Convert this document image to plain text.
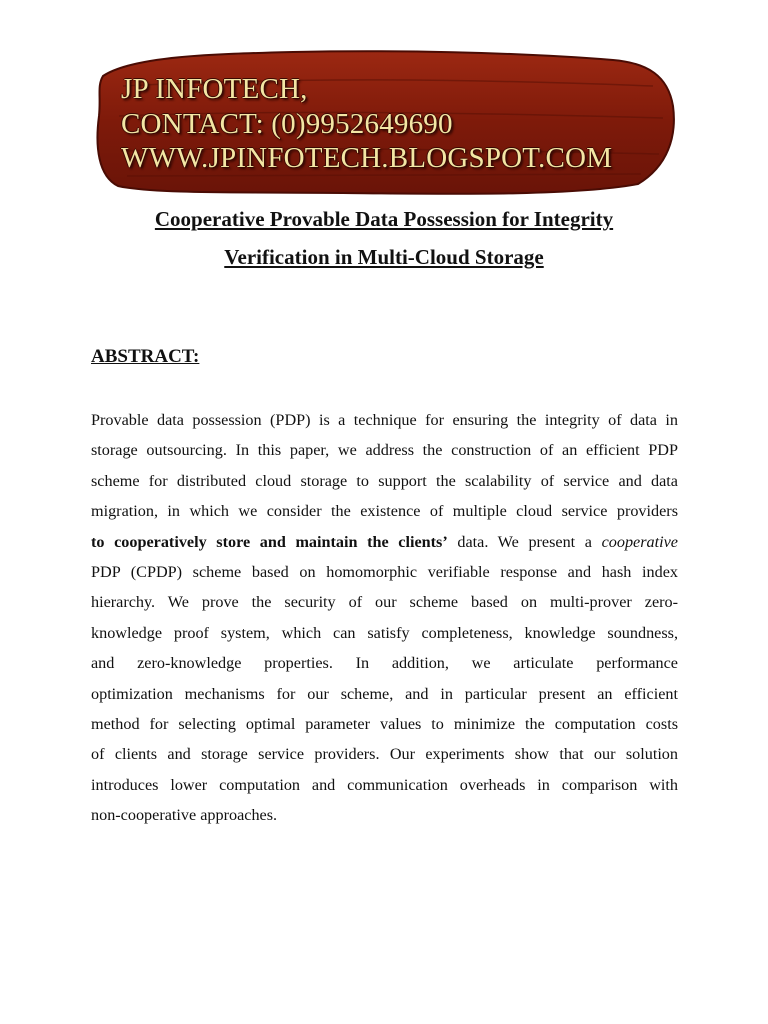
JP INFOTECH,
CONTACT: (0)9952649690
WWW.JPINFOTECH.BLOGSPOT.COM
Cooperative Provable Data Possession for Integrity
Verification in Multi-Cloud Storage
ABSTRACT:
Provable data possession (PDP) is a technique for ensuring the integrity of data in
storage outsourcing. In this paper, we address the construction of an efficient PDP
scheme for distributed cloud storage to support the scalability of service and data
migration, in which we consider the existence of multiple cloud service providers
to cooperatively store and maintain the clients’ data. We present a cooperative
PDP (CPDP) scheme based on homomorphic verifiable response and hash index
hierarchy. We prove the security of our scheme based on multi-prover zero-
knowledge proof system, which can satisfy completeness, knowledge soundness,
and zero-knowledge properties. In addition, we articulate performance
optimization mechanisms for our scheme, and in particular present an efficient
method for selecting optimal parameter values to minimize the computation costs
of clients and storage service providers. Our experiments show that our solution
introduces lower computation and communication overheads in comparison with
non-cooperative approaches.
